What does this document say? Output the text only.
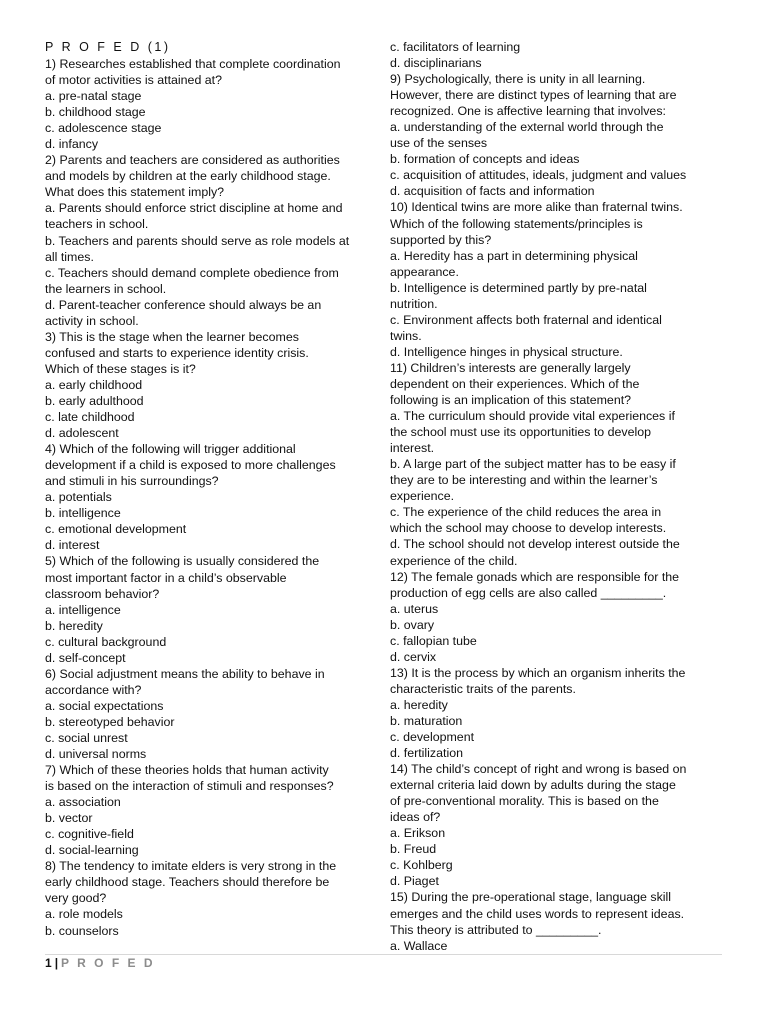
P R O F E D (1)
1) Researches established that complete coordination
of motor activities is attained at?
a. pre-natal stage
b. childhood stage
c. adolescence stage
d. infancy
2) Parents and teachers are considered as authorities
and models by children at the early childhood stage.
What does this statement imply?
a. Parents should enforce strict discipline at home and
teachers in school.
b. Teachers and parents should serve as role models at
all times.
c. Teachers should demand complete obedience from
the learners in school.
d. Parent-teacher conference should always be an
activity in school.
3) This is the stage when the learner becomes
confused and starts to experience identity crisis.
Which of these stages is it?
a. early childhood
b. early adulthood
c. late childhood
d. adolescent
4) Which of the following will trigger additional
development if a child is exposed to more challenges
and stimuli in his surroundings?
a. potentials
b. intelligence
c. emotional development
d. interest
5) Which of the following is usually considered the
most important factor in a child’s observable
classroom behavior?
a. intelligence
b. heredity
c. cultural background
d. self-concept
6) Social adjustment means the ability to behave in
accordance with?
a. social expectations
b. stereotyped behavior
c. social unrest
d. universal norms
7) Which of these theories holds that human activity
is based on the interaction of stimuli and responses?
a. association
b. vector
c. cognitive-field
d. social-learning
8) The tendency to imitate elders is very strong in the
early childhood stage. Teachers should therefore be
very good?
a. role models
b. counselors
c. facilitators of learning
d. disciplinarians
9) Psychologically, there is unity in all learning.
However, there are distinct types of learning that are
recognized. One is affective learning that involves:
a. understanding of the external world through the
use of the senses
b. formation of concepts and ideas
c. acquisition of attitudes, ideals, judgment and values
d. acquisition of facts and information
10) Identical twins are more alike than fraternal twins.
Which of the following statements/principles is
supported by this?
a. Heredity has a part in determining physical
appearance.
b. Intelligence is determined partly by pre-natal
nutrition.
c. Environment affects both fraternal and identical
twins.
d. Intelligence hinges in physical structure.
11) Children’s interests are generally largely
dependent on their experiences. Which of the
following is an implication of this statement?
a. The curriculum should provide vital experiences if
the school must use its opportunities to develop
interest.
b. A large part of the subject matter has to be easy if
they are to be interesting and within the learner’s
experience.
c. The experience of the child reduces the area in
which the school may choose to develop interests.
d. The school should not develop interest outside the
experience of the child.
12) The female gonads which are responsible for the
production of egg cells are also called _________.
a. uterus
b. ovary
c. fallopian tube
d. cervix
13) It is the process by which an organism inherits the
characteristic traits of the parents.
a. heredity
b. maturation
c. development
d. fertilization
14) The child’s concept of right and wrong is based on
external criteria laid down by adults during the stage
of pre-conventional morality. This is based on the
ideas of?
a. Erikson
b. Freud
c. Kohlberg
d. Piaget
15) During the pre-operational stage, language skill
emerges and the child uses words to represent ideas.
This theory is attributed to _________.
a. Wallace
1 | P R O F E D
